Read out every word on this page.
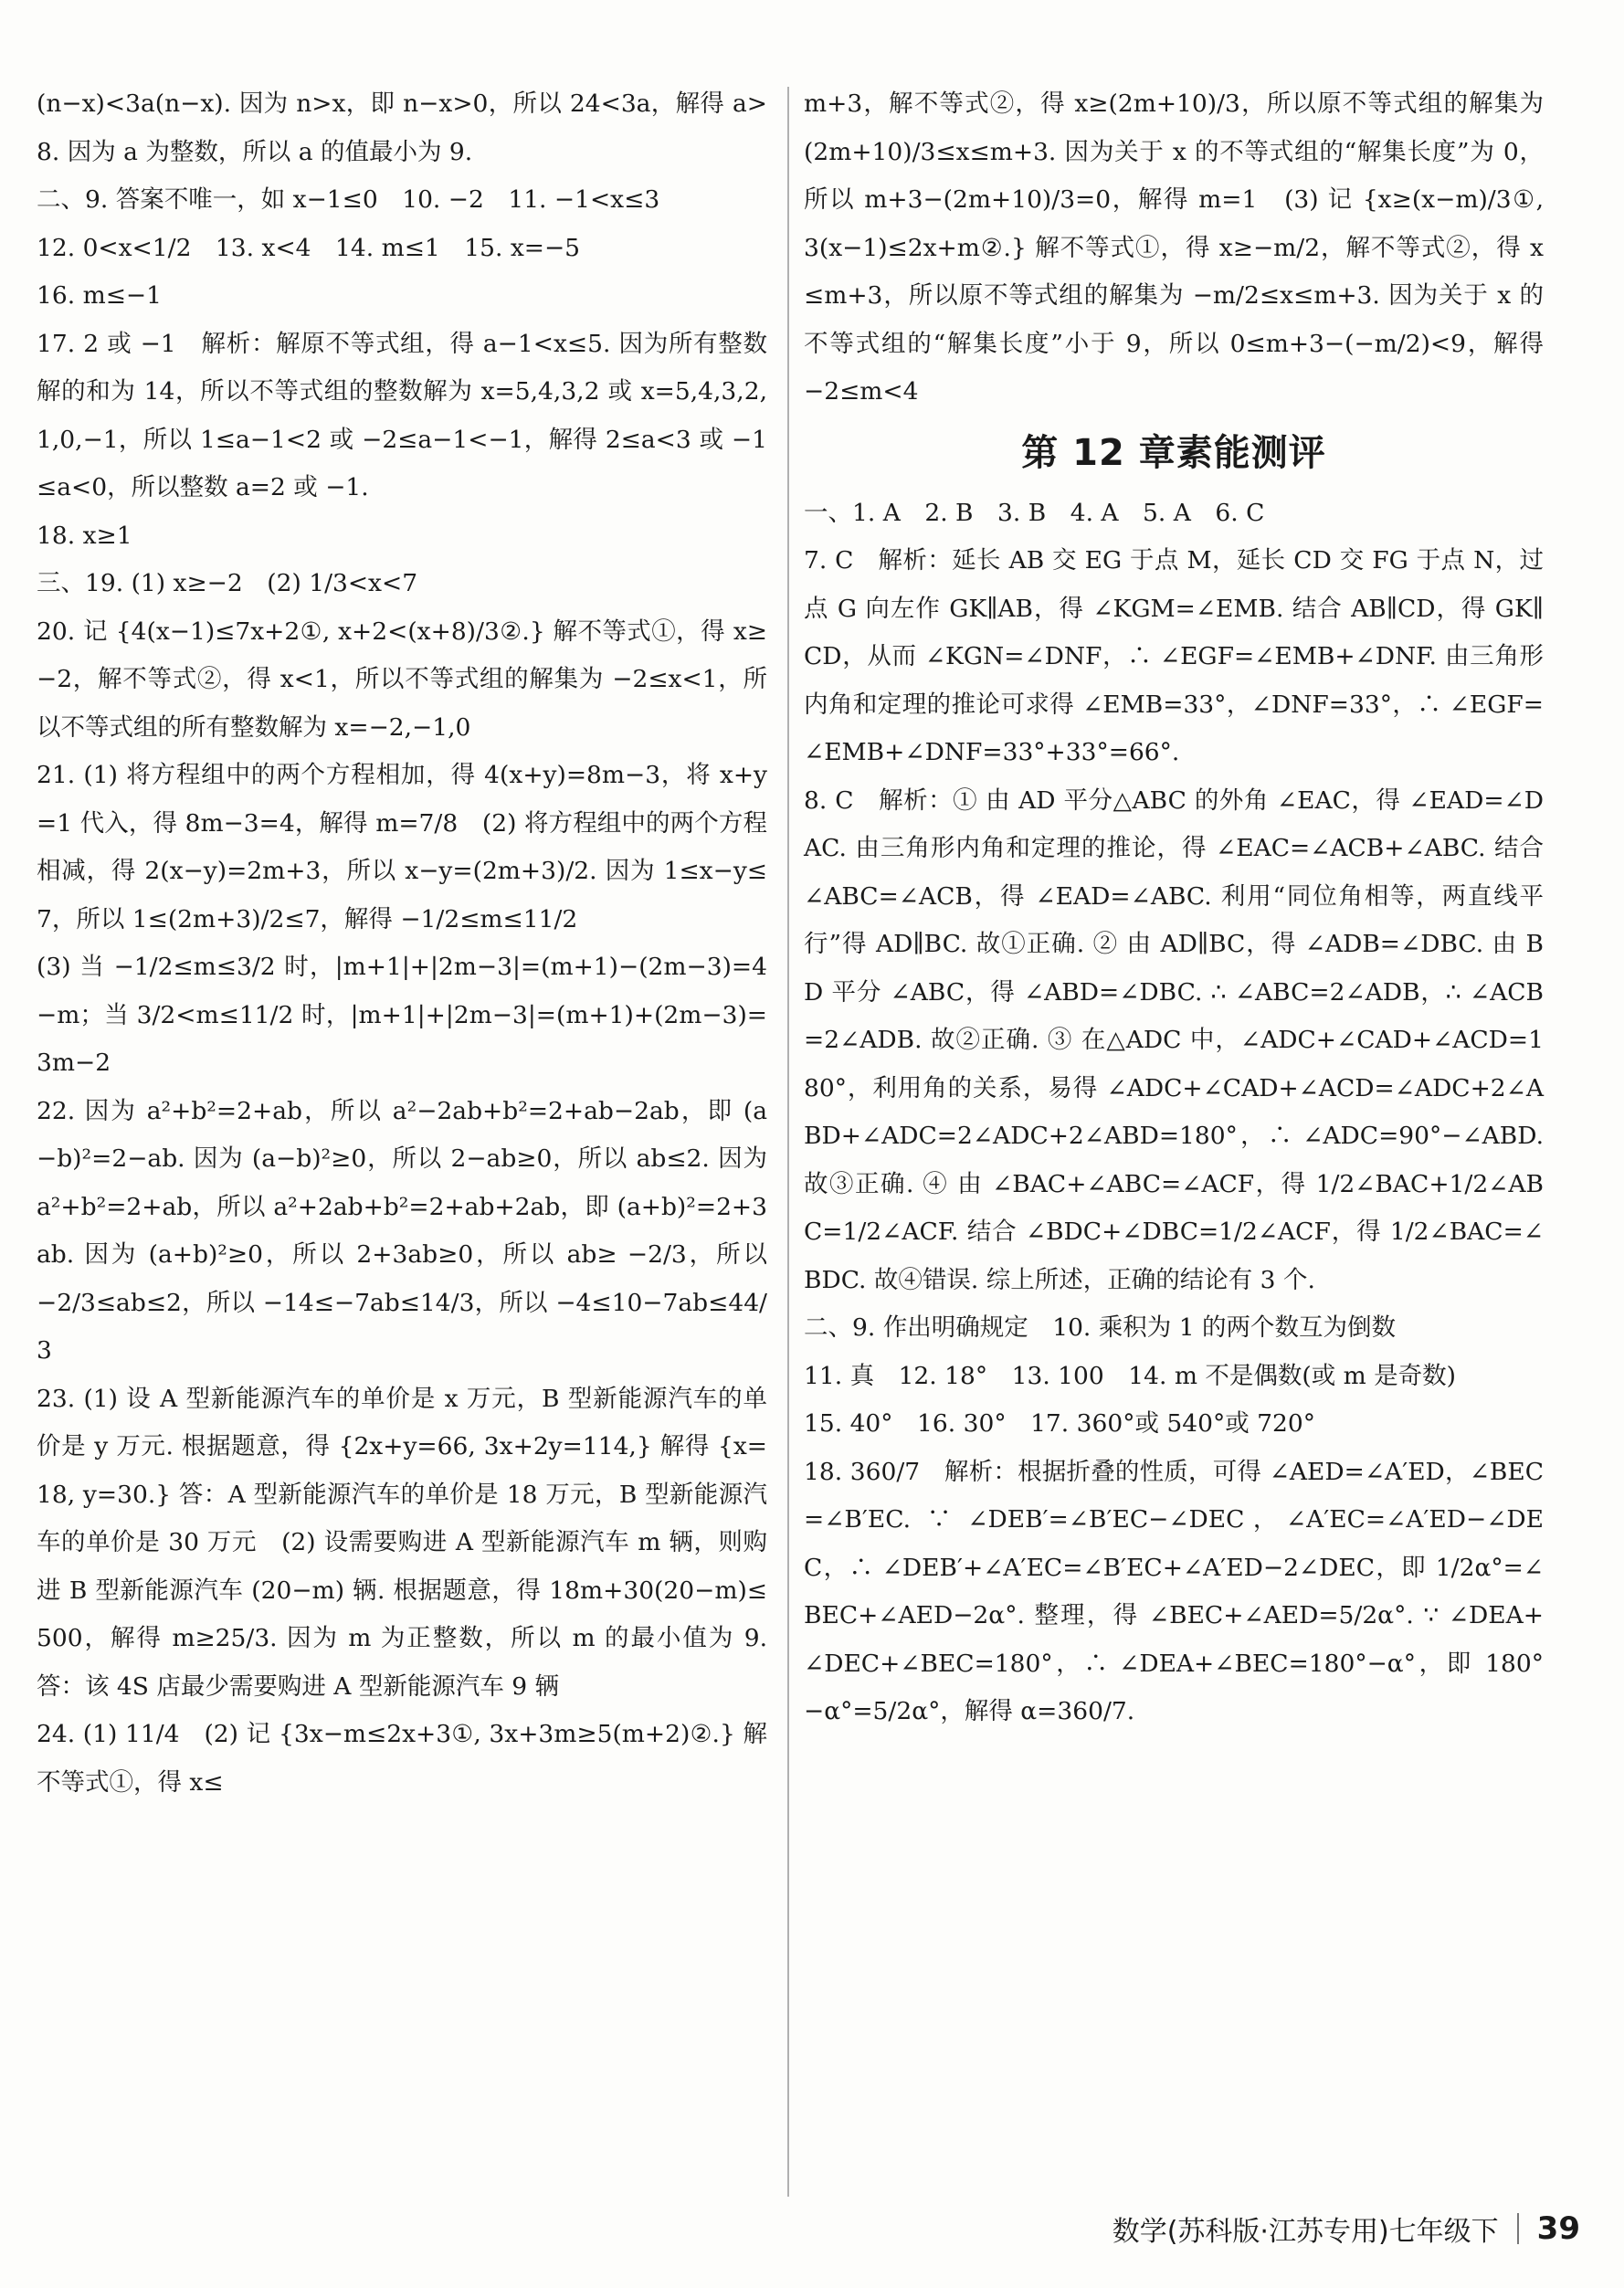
(n−x)<3a(n−x). 因为 n>x，即 n−x>0，所以 24<3a，解得 a>8. 因为 a 为整数，所以 a 的值最小为 9.

二、9. 答案不唯一，如 x−1≤0　10. −2　11. −1<x≤3

12. 0<x<1/2　13. x<4　14. m≤1　15. x=−5

16. m≤−1

17. 2 或 −1　解析：解原不等式组，得 a−1<x≤5. 因为所有整数解的和为 14，所以不等式组的整数解为 x=5,4,3,2 或 x=5,4,3,2,1,0,−1，所以 1≤a−1<2 或 −2≤a−1<−1，解得 2≤a<3 或 −1≤a<0，所以整数 a=2 或 −1.

18. x≥1

三、19. (1) x≥−2　(2) 1/3<x<7

20. 记 {4(x−1)≤7x+2①, x+2<(x+8)/3②.} 解不等式①，得 x≥−2，解不等式②，得 x<1，所以不等式组的解集为 −2≤x<1，所以不等式组的所有整数解为 x=−2,−1,0

21. (1) 将方程组中的两个方程相加，得 4(x+y)=8m−3，将 x+y=1 代入，得 8m−3=4，解得 m=7/8　(2) 将方程组中的两个方程相减，得 2(x−y)=2m+3，所以 x−y=(2m+3)/2. 因为 1≤x−y≤7，所以 1≤(2m+3)/2≤7，解得 −1/2≤m≤11/2

(3) 当 −1/2≤m≤3/2 时，|m+1|+|2m−3|=(m+1)−(2m−3)=4−m；当 3/2<m≤11/2 时，|m+1|+|2m−3|=(m+1)+(2m−3)=3m−2

22. 因为 a²+b²=2+ab，所以 a²−2ab+b²=2+ab−2ab，即 (a−b)²=2−ab. 因为 (a−b)²≥0，所以 2−ab≥0，所以 ab≤2. 因为 a²+b²=2+ab，所以 a²+2ab+b²=2+ab+2ab，即 (a+b)²=2+3ab. 因为 (a+b)²≥0，所以 2+3ab≥0，所以 ab≥ −2/3，所以 −2/3≤ab≤2，所以 −14≤−7ab≤14/3，所以 −4≤10−7ab≤44/3

23. (1) 设 A 型新能源汽车的单价是 x 万元，B 型新能源汽车的单价是 y 万元. 根据题意，得 {2x+y=66, 3x+2y=114,} 解得 {x=18, y=30.} 答：A 型新能源汽车的单价是 18 万元，B 型新能源汽车的单价是 30 万元　(2) 设需要购进 A 型新能源汽车 m 辆，则购进 B 型新能源汽车 (20−m) 辆. 根据题意，得 18m+30(20−m)≤500，解得 m≥25/3. 因为 m 为正整数，所以 m 的最小值为 9. 答：该 4S 店最少需要购进 A 型新能源汽车 9 辆

24. (1) 11/4　(2) 记 {3x−m≤2x+3①, 3x+3m≥5(m+2)②.} 解不等式①，得 x≤

m+3，解不等式②，得 x≥(2m+10)/3，所以原不等式组的解集为 (2m+10)/3≤x≤m+3. 因为关于 x 的不等式组的“解集长度”为 0，所以 m+3−(2m+10)/3=0，解得 m=1　(3) 记 {x≥(x−m)/3①, 3(x−1)≤2x+m②.} 解不等式①，得 x≥−m/2，解不等式②，得 x≤m+3，所以原不等式组的解集为 −m/2≤x≤m+3. 因为关于 x 的不等式组的“解集长度”小于 9，所以 0≤m+3−(−m/2)<9，解得 −2≤m<4

第 12 章素能测评

一、1. A　2. B　3. B　4. A　5. A　6. C

7. C　解析：延长 AB 交 EG 于点 M，延长 CD 交 FG 于点 N，过点 G 向左作 GK∥AB，得 ∠KGM=∠EMB. 结合 AB∥CD，得 GK∥CD，从而 ∠KGN=∠DNF，∴ ∠EGF=∠EMB+∠DNF. 由三角形内角和定理的推论可求得 ∠EMB=33°，∠DNF=33°，∴ ∠EGF=∠EMB+∠DNF=33°+33°=66°.

8. C　解析：① 由 AD 平分△ABC 的外角 ∠EAC，得 ∠EAD=∠DAC. 由三角形内角和定理的推论，得 ∠EAC=∠ACB+∠ABC. 结合 ∠ABC=∠ACB，得 ∠EAD=∠ABC. 利用“同位角相等，两直线平行”得 AD∥BC. 故①正确. ② 由 AD∥BC，得 ∠ADB=∠DBC. 由 BD 平分 ∠ABC，得 ∠ABD=∠DBC. ∴ ∠ABC=2∠ADB，∴ ∠ACB=2∠ADB. 故②正确. ③ 在△ADC 中，∠ADC+∠CAD+∠ACD=180°，利用角的关系，易得 ∠ADC+∠CAD+∠ACD=∠ADC+2∠ABD+∠ADC=2∠ADC+2∠ABD=180°，∴ ∠ADC=90°−∠ABD. 故③正确. ④ 由 ∠BAC+∠ABC=∠ACF，得 1/2∠BAC+1/2∠ABC=1/2∠ACF. 结合 ∠BDC+∠DBC=1/2∠ACF，得 1/2∠BAC=∠BDC. 故④错误. 综上所述，正确的结论有 3 个.

二、9. 作出明确规定　10. 乘积为 1 的两个数互为倒数

11. 真　12. 18°　13. 100　14. m 不是偶数(或 m 是奇数)

15. 40°　16. 30°　17. 360°或 540°或 720°

18. 360/7　解析：根据折叠的性质，可得 ∠AED=∠A′ED，∠BEC=∠B′EC. ∵ ∠DEB′=∠B′EC−∠DEC，∠A′EC=∠A′ED−∠DEC，∴ ∠DEB′+∠A′EC=∠B′EC+∠A′ED−2∠DEC，即 1/2α°=∠BEC+∠AED−2α°. 整理，得 ∠BEC+∠AED=5/2α°. ∵ ∠DEA+∠DEC+∠BEC=180°，∴ ∠DEA+∠BEC=180°−α°，即 180°−α°=5/2α°，解得 α=360/7.

数学(苏科版·江苏专用)七年级下 39
